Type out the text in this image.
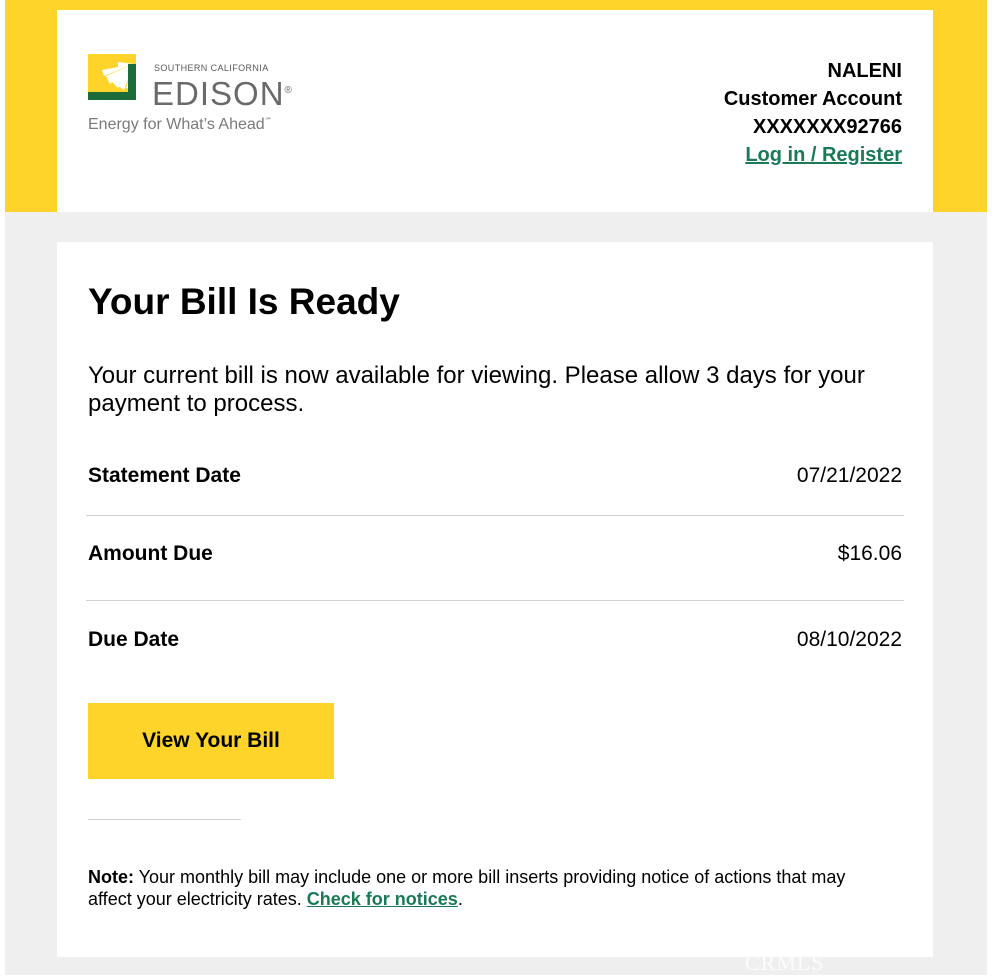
SOUTHERN CALIFORNIA
EDISON®
Energy for What’s Ahead℠
NALENI
Customer Account
XXXXXXX92766
Log in / Register
Your Bill Is Ready

Your current bill is now available for viewing. Please allow 3 days for your payment to process.

Statement Date	07/21/2022
Amount Due	$16.06
Due Date	08/10/2022
View Your Bill

Note: Your monthly bill may include one or more bill inserts providing notice of actions that may affect your electricity rates. Check for notices.

CRMLS
